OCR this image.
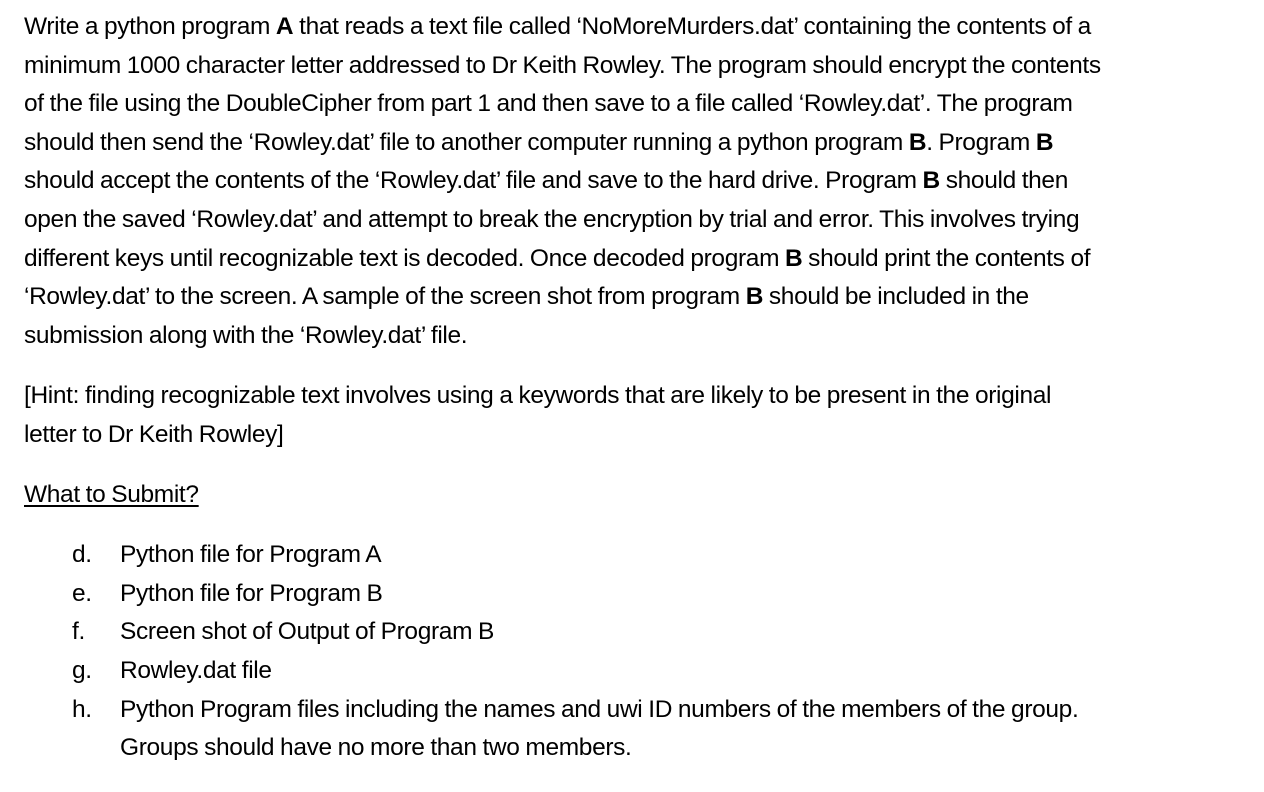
Write a python program A that reads a text file called ‘NoMoreMurders.dat’ containing the contents of a
minimum 1000 character letter addressed to Dr Keith Rowley. The program should encrypt the contents
of the file using the DoubleCipher from part 1 and then save to a file called ‘Rowley.dat’. The program
should then send the ‘Rowley.dat’ file to another computer running a python program B. Program B
should accept the contents of the ‘Rowley.dat’ file and save to the hard drive. Program B should then
open the saved ‘Rowley.dat’ and attempt to break the encryption by trial and error. This involves trying
different keys until recognizable text is decoded. Once decoded program B should print the contents of
‘Rowley.dat’ to the screen. A sample of the screen shot from program B should be included in the
submission along with the ‘Rowley.dat’ file.
[Hint: finding recognizable text involves using a keywords that are likely to be present in the original
letter to Dr Keith Rowley]
What to Submit?
d. Python file for Program A
e. Python file for Program B
f. Screen shot of Output of Program B
g. Rowley.dat file
h. Python Program files including the names and uwi ID numbers of the members of the group.
Groups should have no more than two members.
